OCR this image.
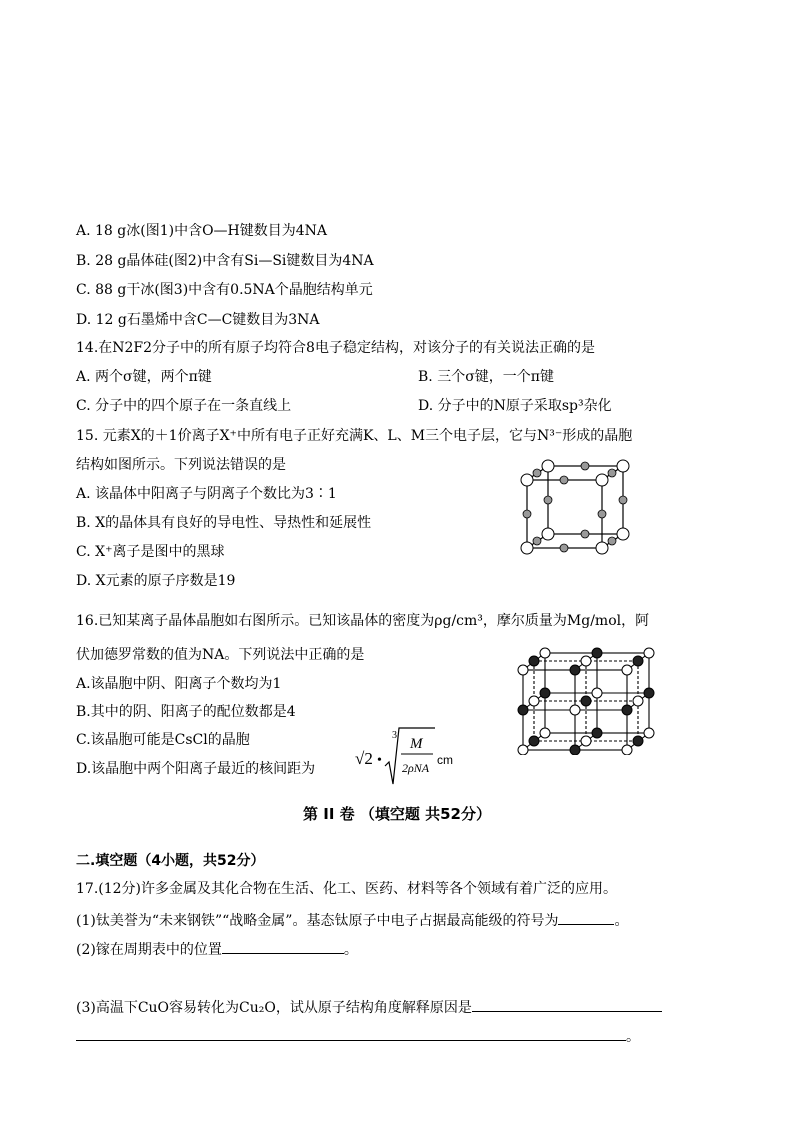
A. 18 g冰(图1)中含O—H键数目为4NA
B. 28 g晶体硅(图2)中含有Si—Si键数目为4NA
C. 88 g干冰(图3)中含有0.5NA个晶胞结构单元
D. 12 g石墨烯中含C—C键数目为3NA
14.在N2F2分子中的所有原子均符合8电子稳定结构，对该分子的有关说法正确的是
A. 两个σ键，两个π键	B. 三个σ键，一个π键
C. 分子中的四个原子在一条直线上	D. 分子中的N原子采取sp³杂化
15. 元素X的＋1价离子X⁺中所有电子正好充满K、L、M三个电子层，它与N³⁻形成的晶胞
结构如图所示。下列说法错误的是
A. 该晶体中阳离子与阴离子个数比为3∶1
B. X的晶体具有良好的导电性、导热性和延展性
C. X⁺离子是图中的黑球
D. X元素的原子序数是19
16.已知某离子晶体晶胞如右图所示。已知该晶体的密度为ρg/cm³，摩尔质量为Mg/mol，阿
伏加德罗常数的值为NA。下列说法中正确的是
A.该晶胞中阴、阳离子个数均为1
B.其中的阴、阳离子的配位数都是4
C.该晶胞可能是CsCl的晶胞
D.该晶胞中两个阳离子最近的核间距为
√2 •
3
M
2ρNA
cm
第 II 卷 （填空题 共52分）
二.填空题（4小题，共52分）
17.(12分)许多金属及其化合物在生活、化工、医药、材料等各个领域有着广泛的应用。
(1)钛美誉为“未来钢铁”“战略金属”。基态钛原子中电子占据最高能级的符号为	。
(2)镓在周期表中的位置	。
(3)高温下CuO容易转化为Cu₂O，试从原子结构角度解释原因是
。
